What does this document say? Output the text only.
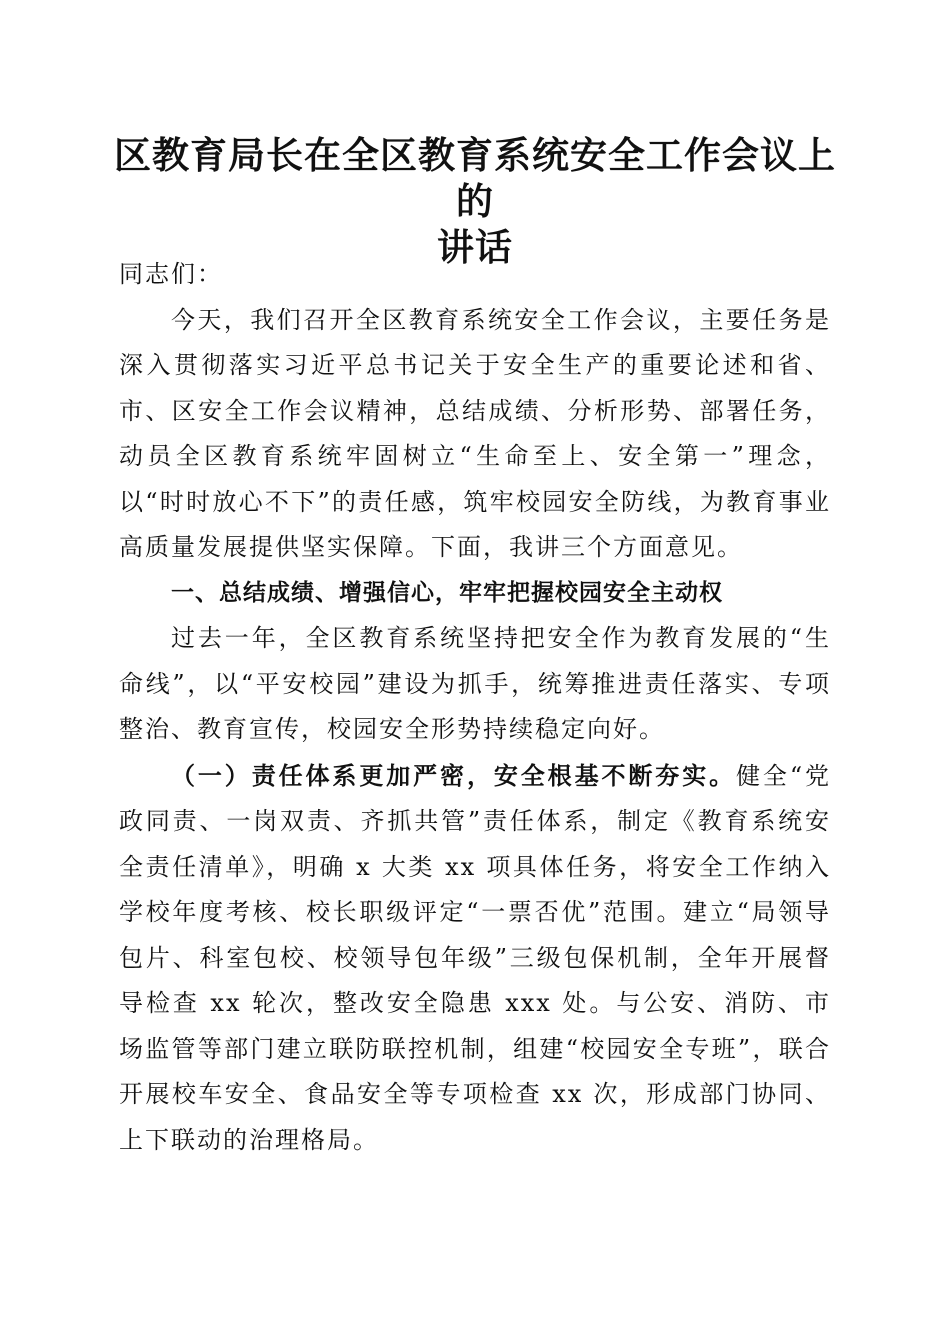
区教育局长在全区教育系统安全工作会议上的
讲话

同志们：

今天，我们召开全区教育系统安全工作会议，主要任务是深入贯彻落实习近平总书记关于安全生产的重要论述和省、市、区安全工作会议精神，总结成绩、分析形势、部署任务，动员全区教育系统牢固树立“生命至上、安全第一”理念，以“时时放心不下”的责任感，筑牢校园安全防线，为教育事业高质量发展提供坚实保障。下面，我讲三个方面意见。

一、总结成绩、增强信心，牢牢把握校园安全主动权

过去一年，全区教育系统坚持把安全作为教育发展的“生命线”，以“平安校园”建设为抓手，统筹推进责任落实、专项整治、教育宣传，校园安全形势持续稳定向好。

（一）责任体系更加严密，安全根基不断夯实。健全“党政同责、一岗双责、齐抓共管”责任体系，制定《教育系统安全责任清单》，明确 x 大类 xx 项具体任务，将安全工作纳入学校年度考核、校长职级评定“一票否优”范围。建立“局领导包片、科室包校、校领导包年级”三级包保机制，全年开展督导检查 xx 轮次，整改安全隐患 xxx 处。与公安、消防、市场监管等部门建立联防联控机制，组建“校园安全专班”，联合开展校车安全、食品安全等专项检查 xx 次，形成部门协同、上下联动的治理格局。
